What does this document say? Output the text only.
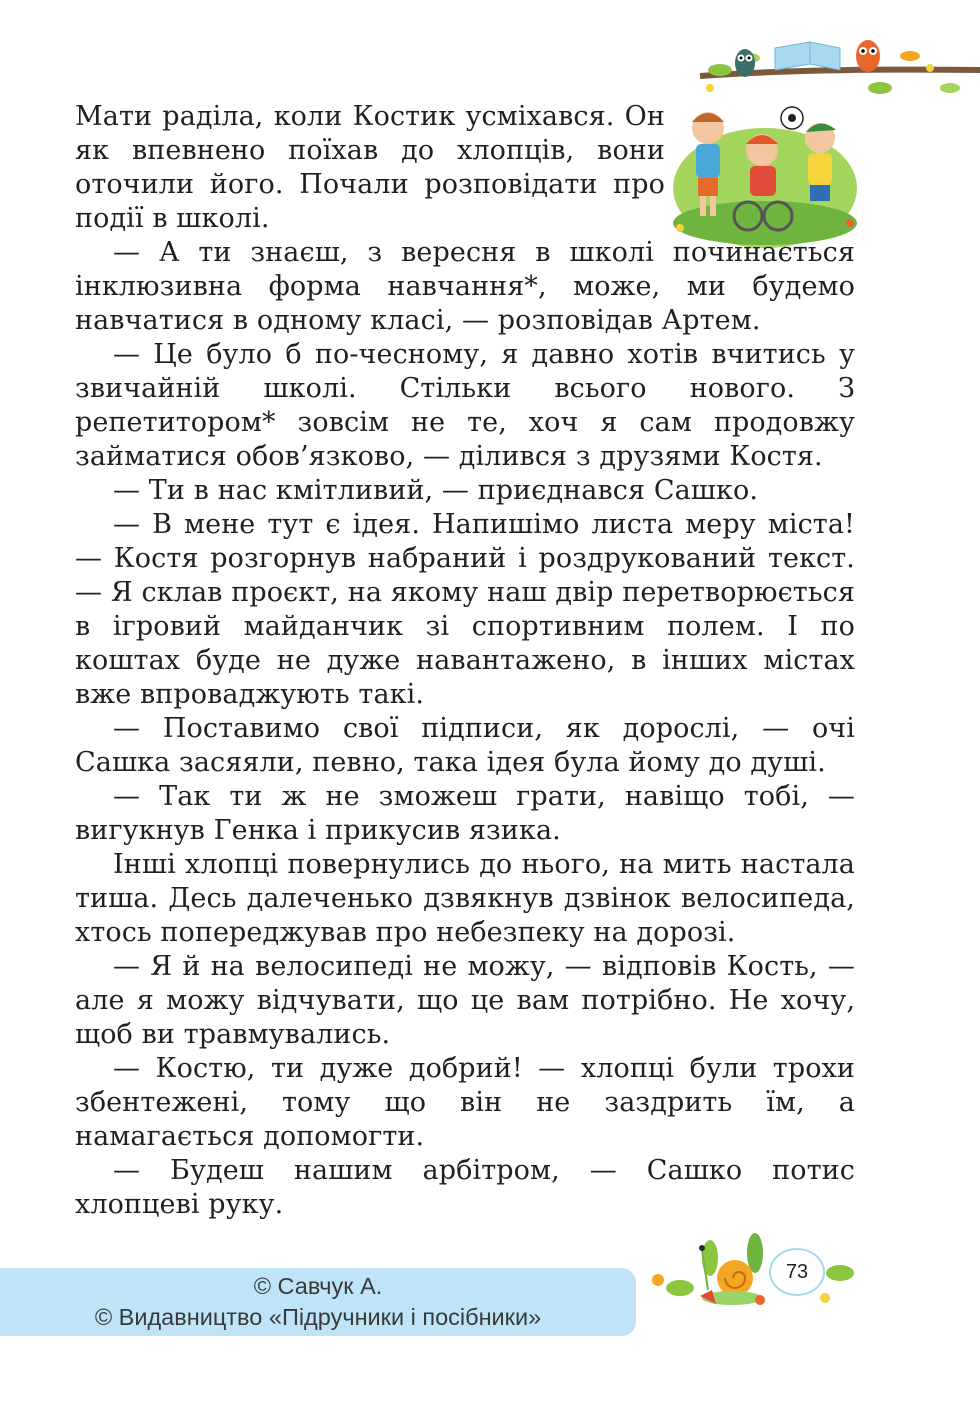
Мати раділа, коли Костик усміхався. Он як впевнено поїхав до хлопців, вони оточили його. Почали розповідати про події в школі.

— А ти знаєш, з вересня в школі починається інклюзивна форма навчання*, може, ми будемо навчатися в одному класі, — розповідав Артем.

— Це було б по-чесному, я давно хотів вчитись у звичайній школі. Стільки всього нового. З репетитором* зовсім не те, хоч я сам продовжу займатися обов’язково, — ділився з друзями Костя.

— Ти в нас кмітливий, — приєднався Сашко.

— В мене тут є ідея. Напишімо листа меру міста! — Костя розгорнув набраний і роздрукований текст. — Я склав проєкт, на якому наш двір перетворюється в ігровий майданчик зі спортивним полем. І по коштах буде не дуже навантажено, в інших містах вже впроваджують такі.

— Поставимо свої підписи, як дорослі, — очі Сашка засяяли, певно, така ідея була йому до душі.

— Так ти ж не зможеш грати, навіщо тобі, — вигукнув Генка і прикусив язика.

Інші хлопці повернулись до нього, на мить настала тиша. Десь далеченько дзвякнув дзвінок велосипеда, хтось попереджував про небезпеку на дорозі.

— Я й на велосипеді не можу, — відповів Кость, — але я можу відчувати, що це вам потрібно. Не хочу, щоб ви травмувались.

— Костю, ти дуже добрий! — хлопці були трохи збентежені, тому що він не заздрить їм, а намагається допомогти.

— Будеш нашим арбітром, — Сашко потис хлопцеві руку.

73
© Савчук А.
© Видавництво «Підручники і посібники»
